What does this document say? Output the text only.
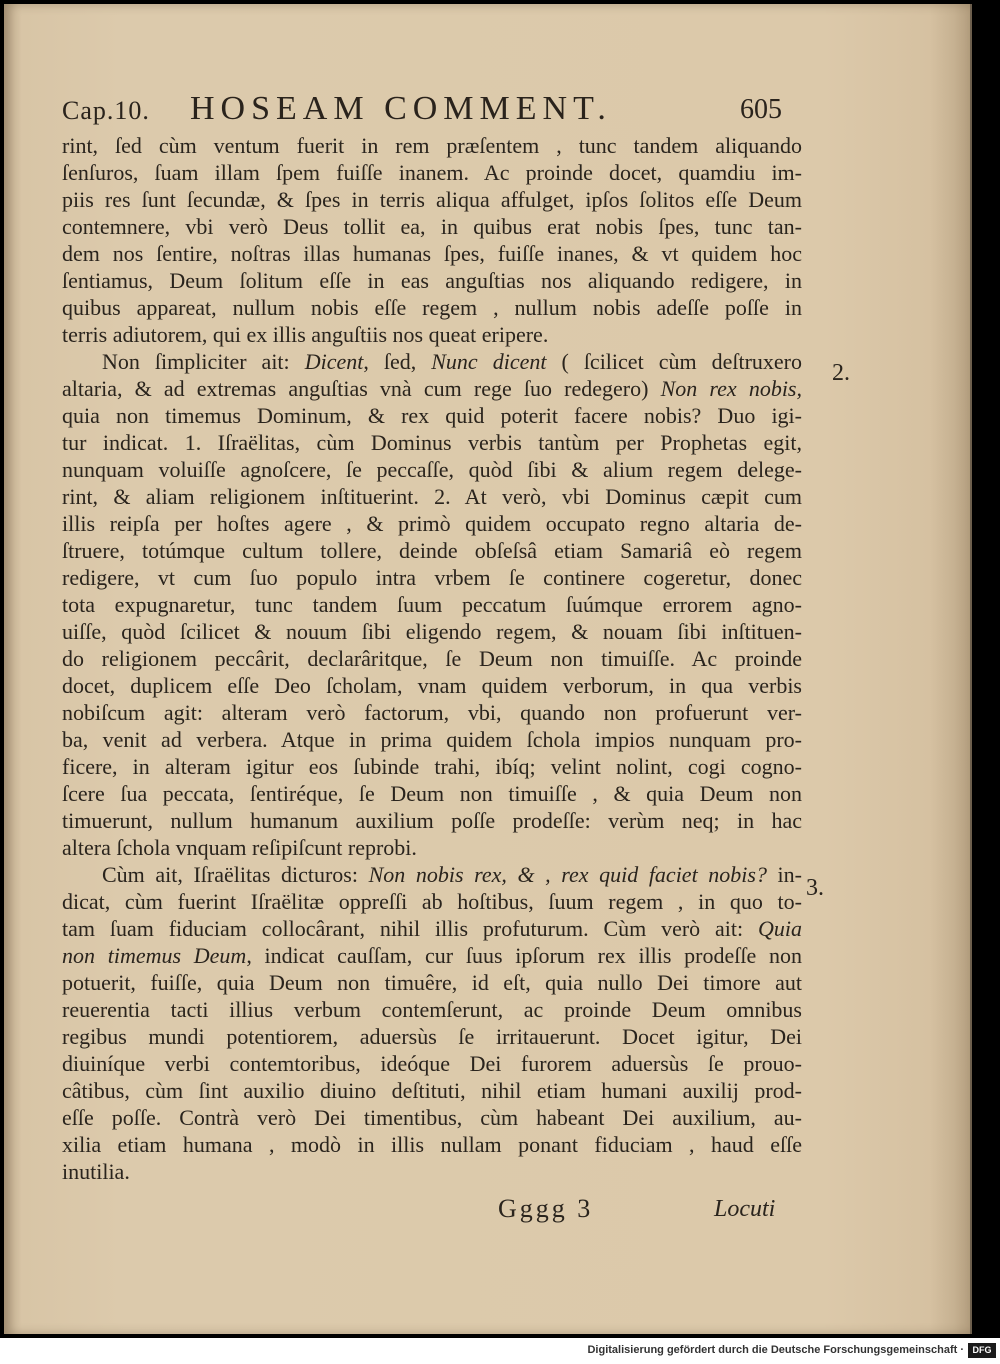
Cap.10. HOSEAM COMMENT.	605
rint, ſed cùm ventum fuerit in rem præſentem , tunc tandem aliquando
ſenſuros, ſuam illam ſpem fuiſſe inanem. Ac proinde docet, quamdiu im-
piis res ſunt ſecundæ, & ſpes in terris aliqua affulget, ipſos ſolitos eſſe Deum
contemnere, vbi verò Deus tollit ea, in quibus erat nobis ſpes, tunc tan-
dem nos ſentire, noſtras illas humanas ſpes, fuiſſe inanes, & vt quidem hoc
ſentiamus, Deum ſolitum eſſe in eas anguſtias nos aliquando redigere, in
quibus appareat, nullum nobis eſſe regem , nullum nobis adeſſe poſſe in
terris adiutorem, qui ex illis anguſtiis nos queat eripere.
Non ſimpliciter ait: Dicent, ſed, Nunc dicent ( ſcilicet cùm deſtruxero
altaria, & ad extremas anguſtias vnà cum rege ſuo redegero) Non rex nobis,
quia non timemus Dominum, & rex quid poterit facere nobis? Duo igi-
tur indicat. 1. Iſraëlitas, cùm Dominus verbis tantùm per Prophetas egit,
nunquam voluiſſe agnoſcere, ſe peccaſſe, quòd ſibi & alium regem delege-
rint, & aliam religionem inſtituerint. 2. At verò, vbi Dominus cæpit cum
illis reipſa per hoſtes agere , & primò quidem occupato regno altaria de-
ſtruere, totúmque cultum tollere, deinde obſeſsâ etiam Samariâ eò regem
redigere, vt cum ſuo populo intra vrbem ſe continere cogeretur, donec
tota expugnaretur, tunc tandem ſuum peccatum ſuúmque errorem agno-
uiſſe, quòd ſcilicet & nouum ſibi eligendo regem, & nouam ſibi inſtituen-
do religionem peccârit, declarâritque, ſe Deum non timuiſſe. Ac proinde
docet, duplicem eſſe Deo ſcholam, vnam quidem verborum, in qua verbis
nobiſcum agit: alteram verò factorum, vbi, quando non profuerunt ver-
ba, venit ad verbera. Atque in prima quidem ſchola impios nunquam pro-
ficere, in alteram igitur eos ſubinde trahi, ibíq; velint nolint, cogi cogno-
ſcere ſua peccata, ſentiréque, ſe Deum non timuiſſe , & quia Deum non
timuerunt, nullum humanum auxilium poſſe prodeſſe: verùm neq; in hac
altera ſchola vnquam reſipiſcunt reprobi.
Cùm ait, Iſraëlitas dicturos: Non nobis rex, & , rex quid faciet nobis? in-
dicat, cùm fuerint Iſraëlitæ oppreſſi ab hoſtibus, ſuum regem , in quo to-
tam ſuam fiduciam collocârant, nihil illis profuturum. Cùm verò ait: Quia
non timemus Deum, indicat cauſſam, cur ſuus ipſorum rex illis prodeſſe non
potuerit, fuiſſe, quia Deum non timuêre, id eſt, quia nullo Dei timore aut
reuerentia tacti illius verbum contemſerunt, ac proinde Deum omnibus
regibus mundi potentiorem, aduersùs ſe irritauerunt. Docet igitur, Dei
diuiníque verbi contemtoribus, ideóque Dei furorem aduersùs ſe prouo-
câtibus, cùm ſint auxilio diuino deſtituti, nihil etiam humani auxilij prod-
eſſe poſſe. Contrà verò Dei timentibus, cùm habeant Dei auxilium, au-
xilia etiam humana , modò in illis nullam ponant fiduciam , haud eſſe
inutilia.
2.
3.
Gggg 3	Locuti
Digitalisierung gefördert durch die Deutsche Forschungsgemeinschaft · DFG
